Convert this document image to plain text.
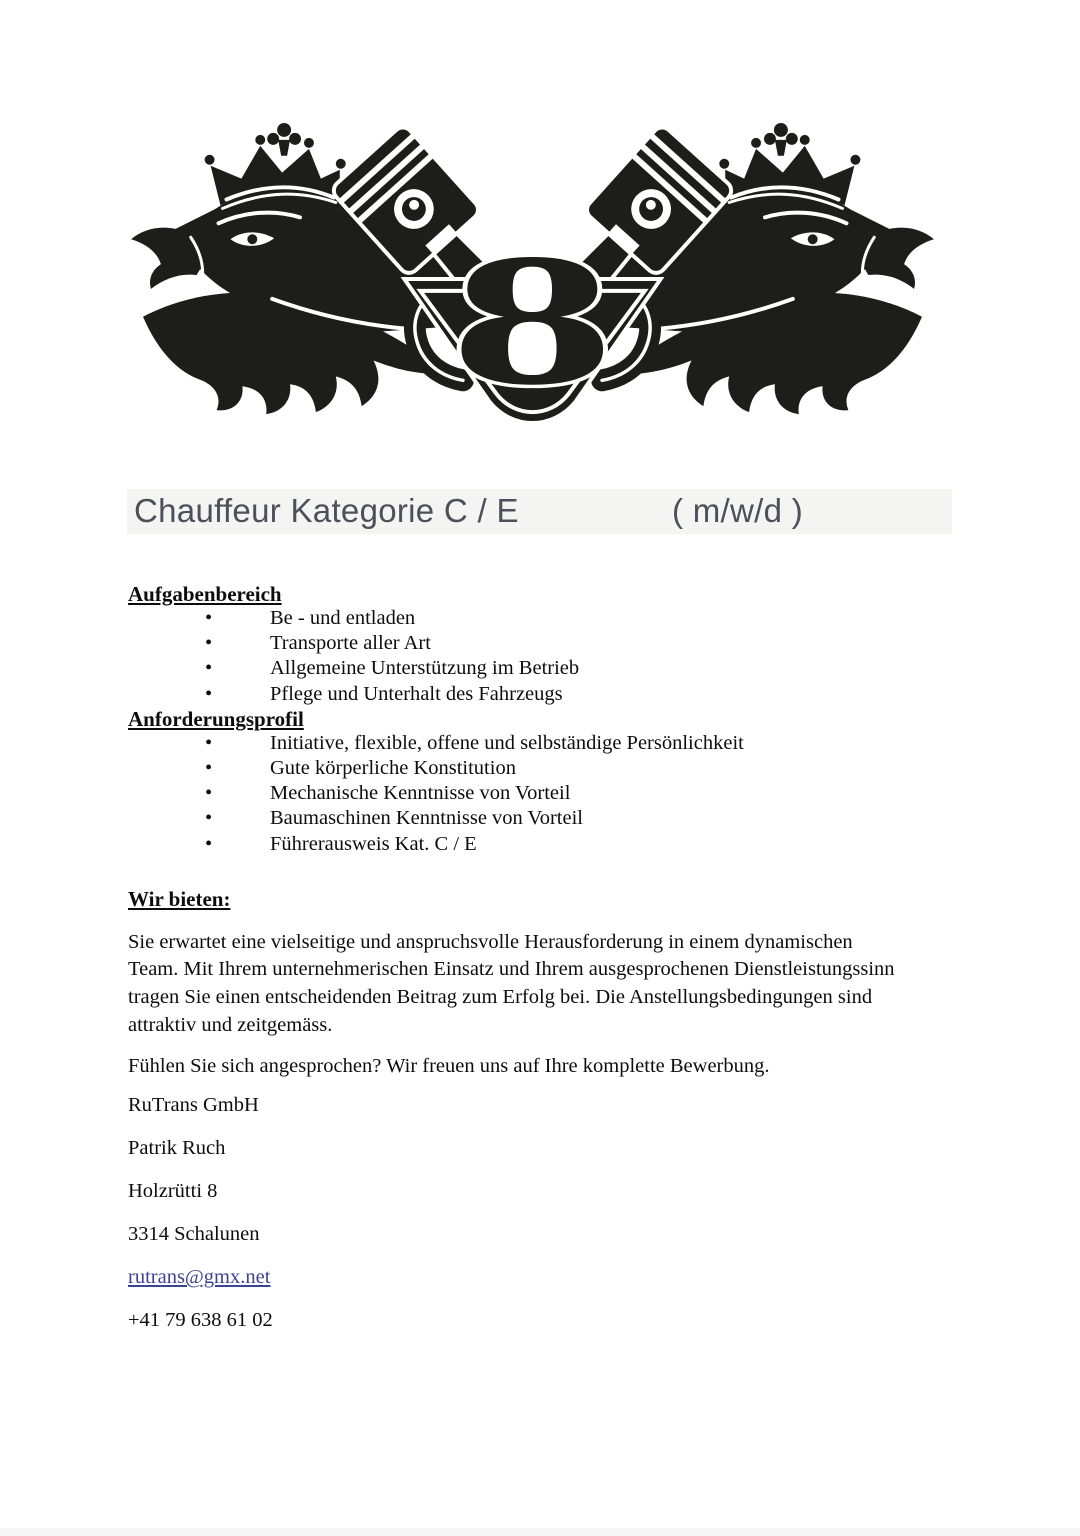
8
Chauffeur Kategorie C / E	( m/w/d )
Aufgabenbereich
•	Be - und entladen
•	Transporte aller Art
•	Allgemeine Unterstützung im Betrieb
•	Pflege und Unterhalt des Fahrzeugs
Anforderungsprofil
•	Initiative, flexible, offene und selbständige Persönlichkeit
•	Gute körperliche Konstitution
•	Mechanische Kenntnisse von Vorteil
•	Baumaschinen Kenntnisse von Vorteil
•	Führerausweis Kat. C / E
Wir bieten:

Sie erwartet eine vielseitige und anspruchsvolle Herausforderung in einem dynamischen
Team. Mit Ihrem unternehmerischen Einsatz und Ihrem ausgesprochenen Dienstleistungssinn
tragen Sie einen entscheidenden Beitrag zum Erfolg bei. Die Anstellungsbedingungen sind
attraktiv und zeitgemäss.

Fühlen Sie sich angesprochen? Wir freuen uns auf Ihre komplette Bewerbung.

RuTrans GmbH

Patrik Ruch

Holzrütti 8

3314 Schalunen

rutrans@gmx.net

+41 79 638 61 02
